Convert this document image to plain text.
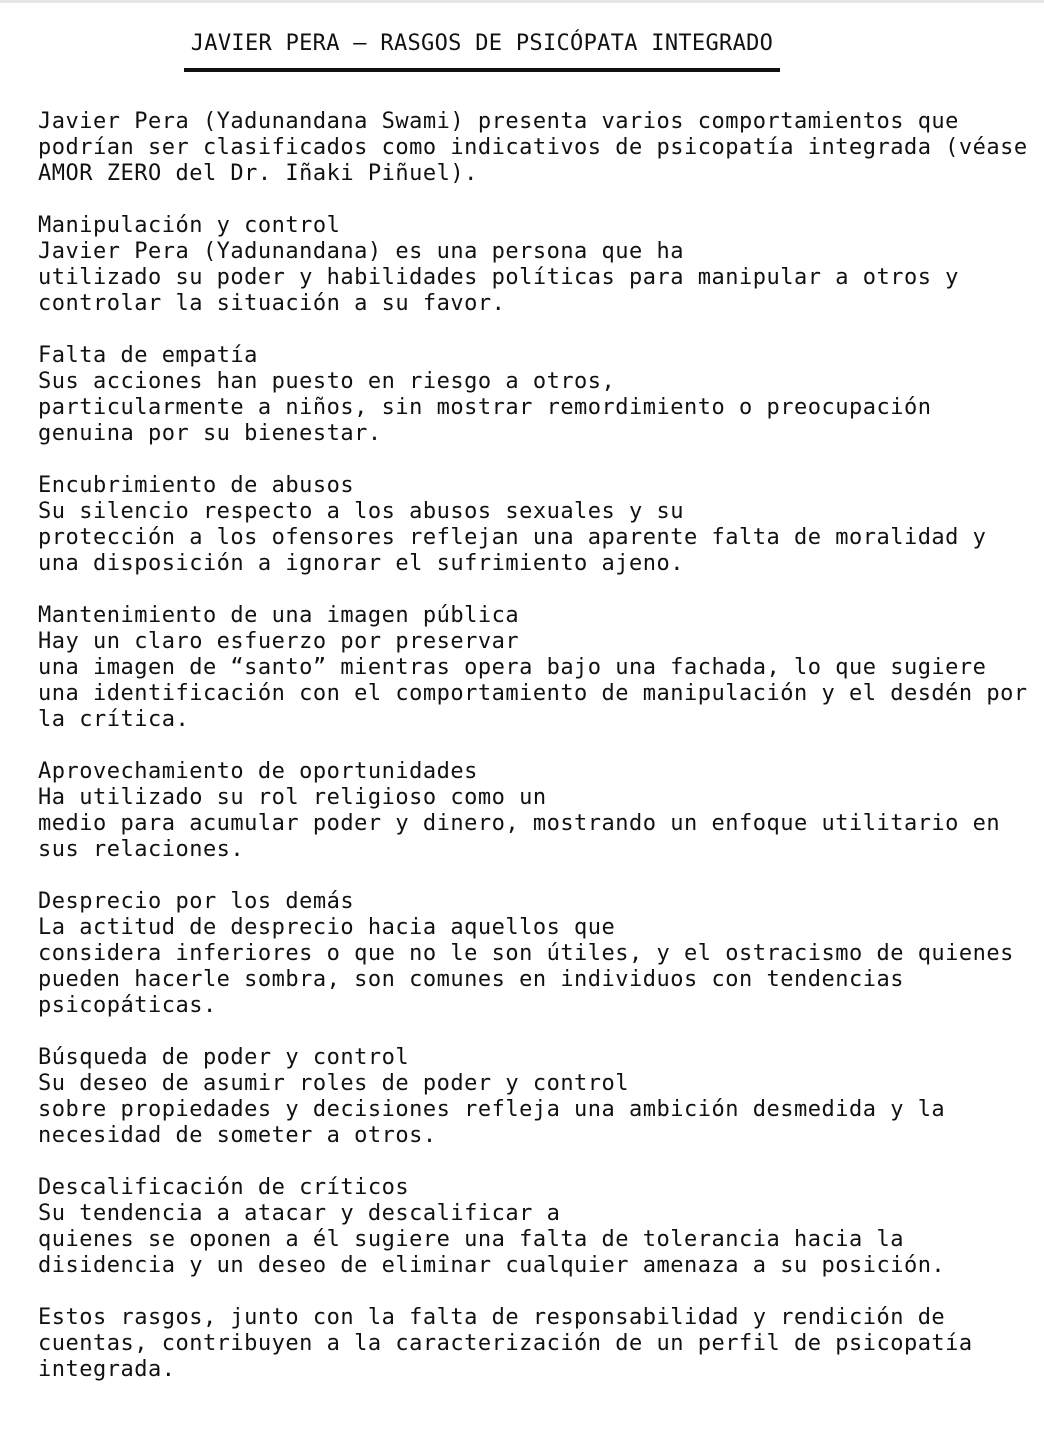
JAVIER PERA – RASGOS DE PSICÓPATA INTEGRADO
Javier Pera (Yadunandana Swami) presenta varios comportamientos que
podrían ser clasificados como indicativos de psicopatía integrada (véase
AMOR ZERO del Dr. Iñaki Piñuel).
Manipulación y control
Javier Pera (Yadunandana) es una persona que ha
utilizado su poder y habilidades políticas para manipular a otros y
controlar la situación a su favor.
Falta de empatía
Sus acciones han puesto en riesgo a otros,
particularmente a niños, sin mostrar remordimiento o preocupación
genuina por su bienestar.
Encubrimiento de abusos
Su silencio respecto a los abusos sexuales y su
protección a los ofensores reflejan una aparente falta de moralidad y
una disposición a ignorar el sufrimiento ajeno.
Mantenimiento de una imagen pública
Hay un claro esfuerzo por preservar
una imagen de “santo” mientras opera bajo una fachada, lo que sugiere
una identificación con el comportamiento de manipulación y el desdén por
la crítica.
Aprovechamiento de oportunidades
Ha utilizado su rol religioso como un
medio para acumular poder y dinero, mostrando un enfoque utilitario en
sus relaciones.
Desprecio por los demás
La actitud de desprecio hacia aquellos que
considera inferiores o que no le son útiles, y el ostracismo de quienes
pueden hacerle sombra, son comunes en individuos con tendencias
psicopáticas.
Búsqueda de poder y control
Su deseo de asumir roles de poder y control
sobre propiedades y decisiones refleja una ambición desmedida y la
necesidad de someter a otros.
Descalificación de críticos
Su tendencia a atacar y descalificar a
quienes se oponen a él sugiere una falta de tolerancia hacia la
disidencia y un deseo de eliminar cualquier amenaza a su posición.
Estos rasgos, junto con la falta de responsabilidad y rendición de
cuentas, contribuyen a la caracterización de un perfil de psicopatía
integrada.
